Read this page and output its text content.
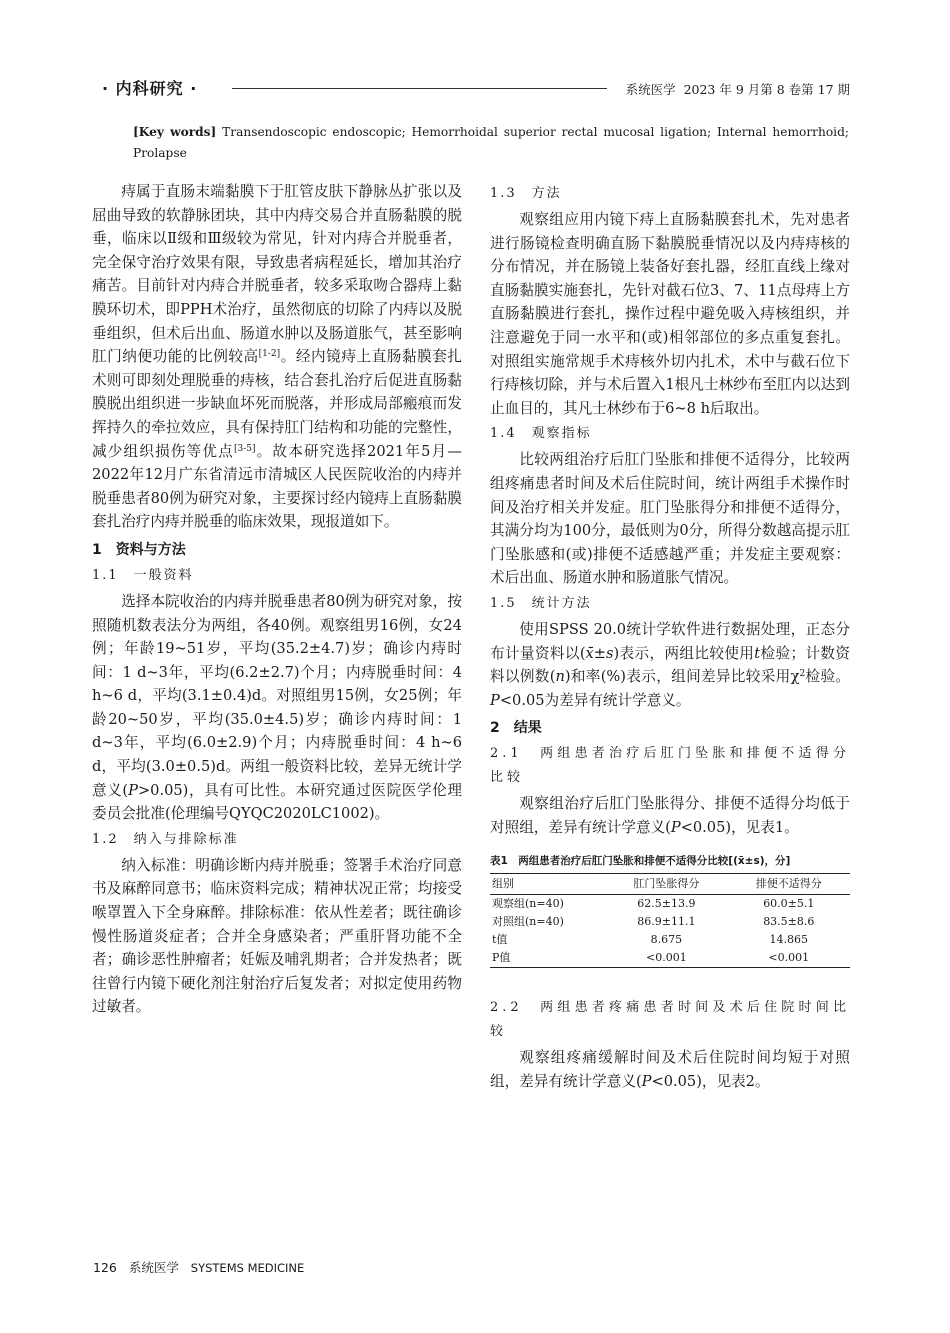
· 内科研究 ·	系统医学 2023 年 9 月第 8 卷第 17 期
[Key words] Transendoscopic endoscopic; Hemorrhoidal superior rectal mucosal ligation; Internal hemorrhoid; Prolapse

痔属于直肠末端黏膜下于肛管皮肤下静脉丛扩张以及屈曲导致的软静脉团块，其中内痔交易合并直肠黏膜的脱垂，临床以Ⅱ级和Ⅲ级较为常见，针对内痔合并脱垂者，完全保守治疗效果有限，导致患者病程延长，增加其治疗痛苦。目前针对内痔合并脱垂者，较多采取吻合器痔上黏膜环切术，即PPH术治疗，虽然彻底的切除了内痔以及脱垂组织，但术后出血、肠道水肿以及肠道胀气，甚至影响肛门纳便功能的比例较高[1-2]。经内镜痔上直肠黏膜套扎术则可即刻处理脱垂的痔核，结合套扎治疗后促进直肠黏膜脱出组织进一步缺血坏死而脱落，并形成局部瘢痕而发挥持久的牵拉效应，具有保持肛门结构和功能的完整性，减少组织损伤等优点[3-5]。故本研究选择2021年5月—2022年12月广东省清远市清城区人民医院收治的内痔并脱垂患者80例为研究对象，主要探讨经内镜痔上直肠黏膜套扎治疗内痔并脱垂的临床效果，现报道如下。

1　资料与方法
1.1　一般资料

选择本院收治的内痔并脱垂患者80例为研究对象，按照随机数表法分为两组，各40例。观察组男16例，女24例；年龄19~51岁，平均(35.2±4.7)岁；确诊内痔时间：1 d~3年，平均(6.2±2.7)个月；内痔脱垂时间：4 h~6 d，平均(3.1±0.4)d。对照组男15例，女25例；年龄20~50岁，平均(35.0±4.5)岁；确诊内痔时间：1 d~3年，平均(6.0±2.9)个月；内痔脱垂时间：4 h~6 d，平均(3.0±0.5)d。两组一般资料比较，差异无统计学意义(P>0.05)，具有可比性。本研究通过医院医学伦理委员会批准(伦理编号QYQC2020LC1002)。

1.2　纳入与排除标准

纳入标准：明确诊断内痔并脱垂；签署手术治疗同意书及麻醉同意书；临床资料完成；精神状况正常；均接受喉罩置入下全身麻醉。排除标准：依从性差者；既往确诊慢性肠道炎症者；合并全身感染者；严重肝肾功能不全者；确诊恶性肿瘤者；妊娠及哺乳期者；合并发热者；既往曾行内镜下硬化剂注射治疗后复发者；对拟定使用药物过敏者。

1.3　方法

观察组应用内镜下痔上直肠黏膜套扎术，先对患者进行肠镜检查明确直肠下黏膜脱垂情况以及内痔痔核的分布情况，并在肠镜上装备好套扎器，经肛直线上缘对直肠黏膜实施套扎，先针对截石位3、7、11点母痔上方直肠黏膜进行套扎，操作过程中避免吸入痔核组织，并注意避免于同一水平和(或)相邻部位的多点重复套扎。对照组实施常规手术痔核外切内扎术，术中与截石位下行痔核切除，并与术后置入1根凡士林纱布至肛内以达到止血目的，其凡士林纱布于6~8 h后取出。

1.4　观察指标

比较两组治疗后肛门坠胀和排便不适得分，比较两组疼痛患者时间及术后住院时间，统计两组手术操作时间及治疗相关并发症。肛门坠胀得分和排便不适得分，其满分均为100分，最低则为0分，所得分数越高提示肛门坠胀感和(或)排便不适感越严重；并发症主要观察：术后出血、肠道水肿和肠道胀气情况。

1.5　统计方法

使用SPSS 20.0统计学软件进行数据处理，正态分布计量资料以(x̄±s)表示，两组比较使用t检验；计数资料以例数(n)和率(%)表示，组间差异比较采用$\chi^2$检验。P<0.05为差异有统计学意义。

2　结果
2.1　两组患者治疗后肛门坠胀和排便不适得分比较

观察组治疗后肛门坠胀得分、排便不适得分均低于对照组，差异有统计学意义(P<0.05)，见表1。

表1　两组患者治疗后肛门坠胀和排便不适得分比较[(x̄±s)，分]
组别	肛门坠胀得分	排便不适得分
观察组(n=40)	62.5±13.9	60.0±5.1
对照组(n=40)	86.9±11.1	83.5±8.6
t值	8.675	14.865
P值	<0.001	<0.001
2.2　两组患者疼痛患者时间及术后住院时间比较

观察组疼痛缓解时间及术后住院时间均短于对照组，差异有统计学意义(P<0.05)，见表2。

126 系统医学 SYSTEMS MEDICINE
